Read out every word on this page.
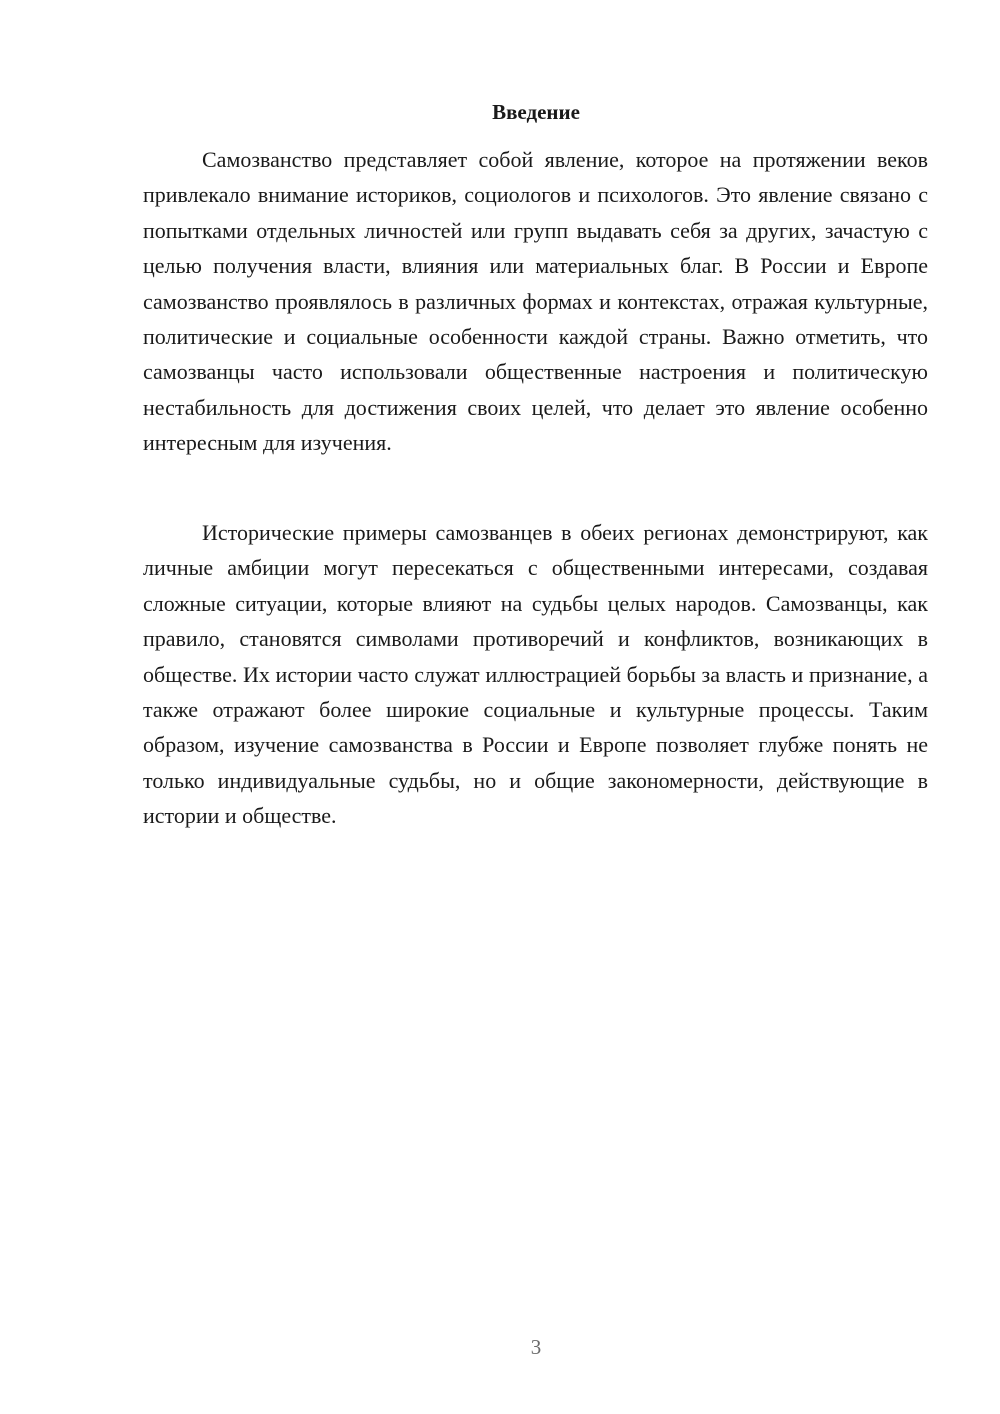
Введение

Самозванство представляет собой явление, которое на протяжении веков привлекало внимание историков, социологов и психологов. Это явление связано с попытками отдельных личностей или групп выдавать себя за других, зачастую с целью получения власти, влияния или материальных благ. В России и Европе самозванство проявлялось в различных формах и контекстах, отражая культурные, политические и социальные особенности каждой страны. Важно отметить, что самозванцы часто использовали общественные настроения и политическую нестабильность для достижения своих целей, что делает это явление особенно интересным для изучения.

Исторические примеры самозванцев в обеих регионах демонстрируют, как личные амбиции могут пересекаться с общественными интересами, создавая сложные ситуации, которые влияют на судьбы целых народов. Самозванцы, как правило, становятся символами противоречий и конфликтов, возникающих в обществе. Их истории часто служат иллюстрацией борьбы за власть и признание, а также отражают более широкие социальные и культурные процессы. Таким образом, изучение самозванства в России и Европе позволяет глубже понять не только индивидуальные судьбы, но и общие закономерности, действующие в истории и обществе.

3
